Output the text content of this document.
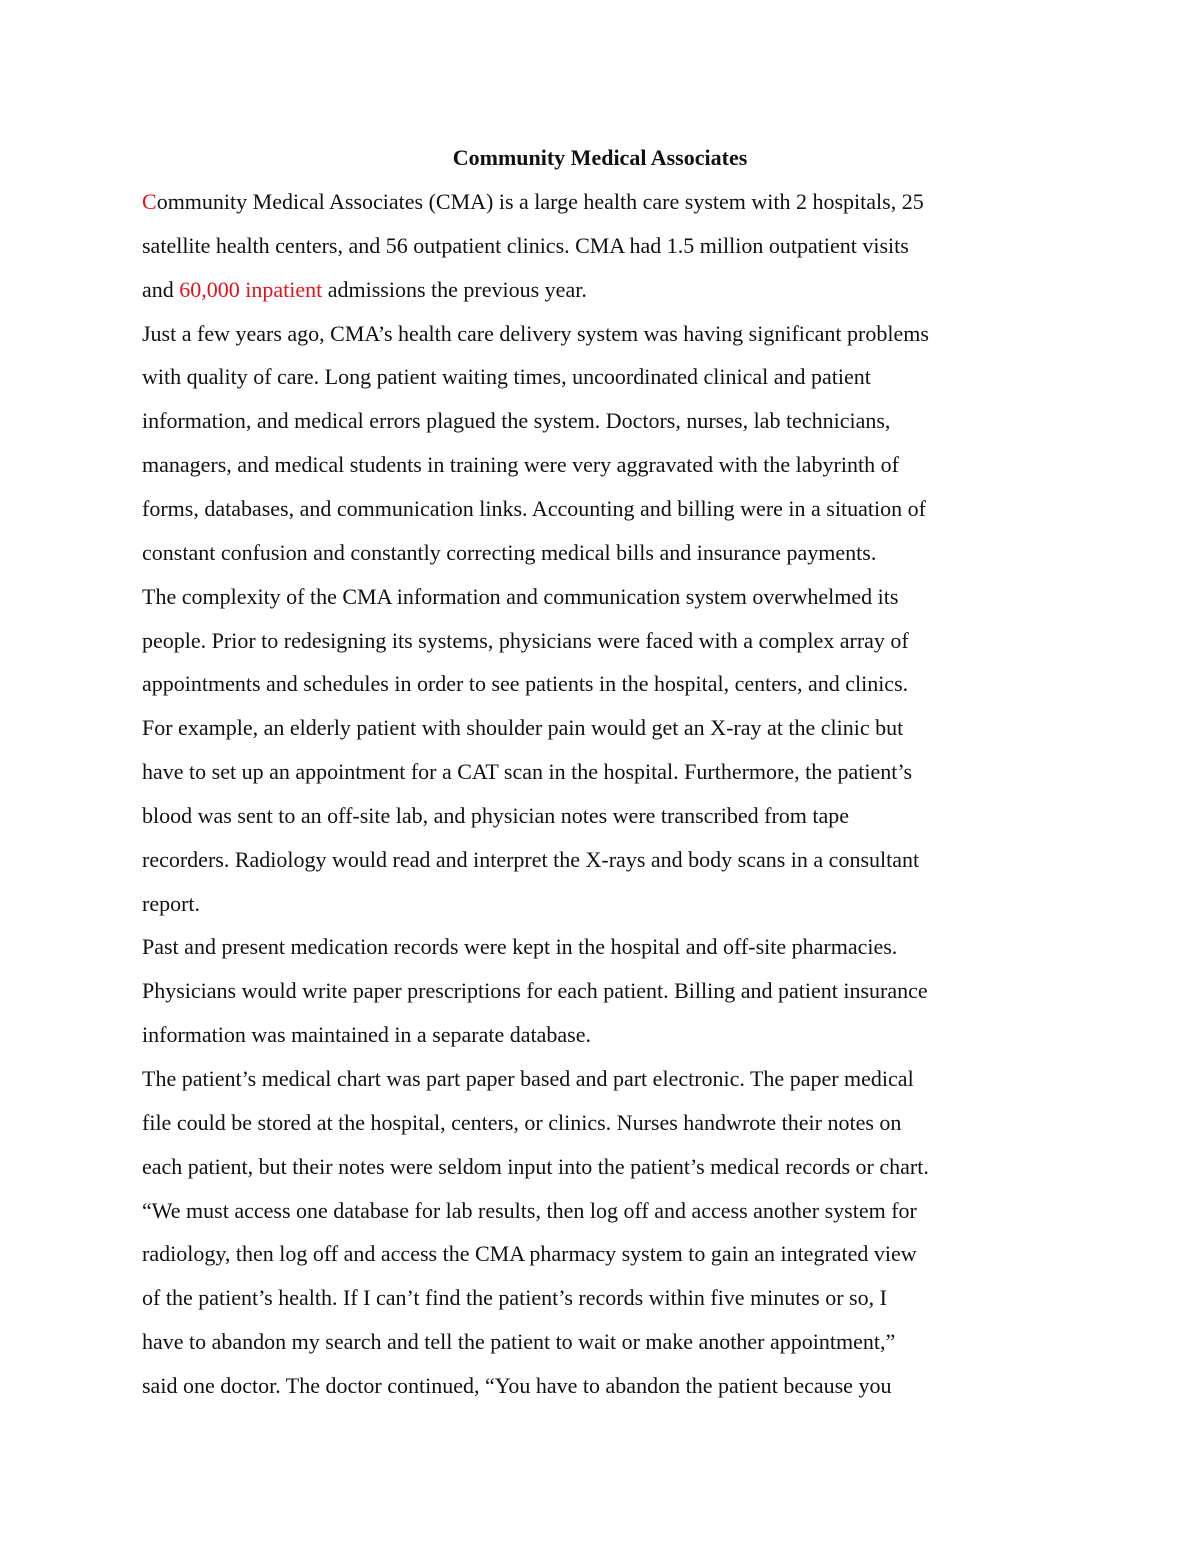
Community Medical Associates

Community Medical Associates (CMA) is a large health care system with 2 hospitals, 25

satellite health centers, and 56 outpatient clinics. CMA had 1.5 million outpatient visits

and 60,000 inpatient admissions the previous year.

Just a few years ago, CMA’s health care delivery system was having significant problems

with quality of care. Long patient waiting times, uncoordinated clinical and patient

information, and medical errors plagued the system. Doctors, nurses, lab technicians,

managers, and medical students in training were very aggravated with the labyrinth of

forms, databases, and communication links. Accounting and billing were in a situation of

constant confusion and constantly correcting medical bills and insurance payments.

The complexity of the CMA information and communication system overwhelmed its

people. Prior to redesigning its systems, physicians were faced with a complex array of

appointments and schedules in order to see patients in the hospital, centers, and clinics.

For example, an elderly patient with shoulder pain would get an X-ray at the clinic but

have to set up an appointment for a CAT scan in the hospital. Furthermore, the patient’s

blood was sent to an off-site lab, and physician notes were transcribed from tape

recorders. Radiology would read and interpret the X-rays and body scans in a consultant

report.

Past and present medication records were kept in the hospital and off-site pharmacies.

Physicians would write paper prescriptions for each patient. Billing and patient insurance

information was maintained in a separate database.

The patient’s medical chart was part paper based and part electronic. The paper medical

file could be stored at the hospital, centers, or clinics. Nurses handwrote their notes on

each patient, but their notes were seldom input into the patient’s medical records or chart.

“We must access one database for lab results, then log off and access another system for

radiology, then log off and access the CMA pharmacy system to gain an integrated view

of the patient’s health. If I can’t find the patient’s records within five minutes or so, I

have to abandon my search and tell the patient to wait or make another appointment,”

said one doctor. The doctor continued, “You have to abandon the patient because you
